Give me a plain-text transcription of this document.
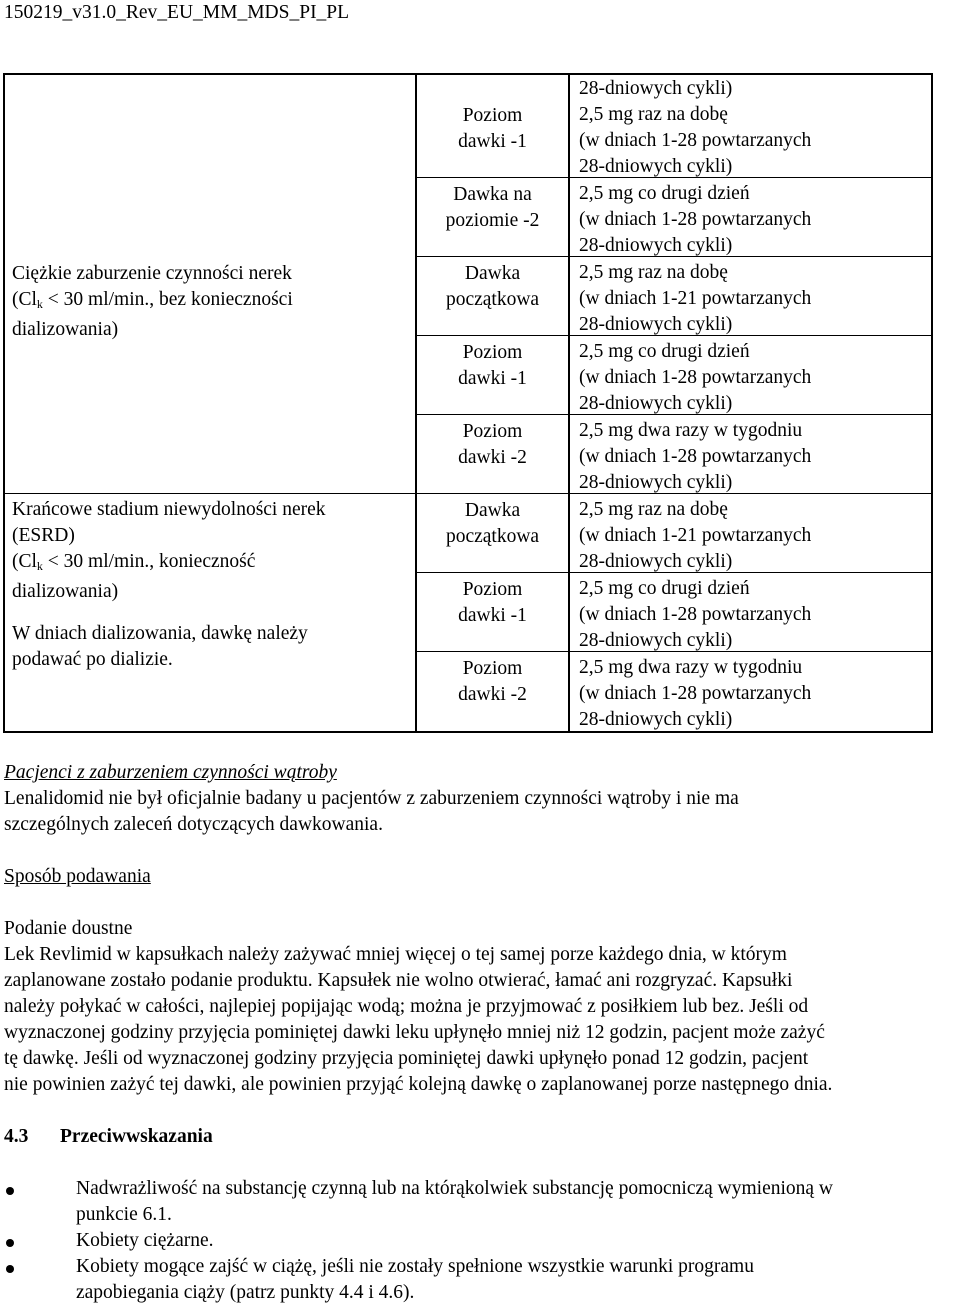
150219_v31.0_Rev_EU_MM_MDS_PI_PL

Ciężkie zaburzenie czynności nerek

($Cl_k < 30$ ml/min., bez konieczności

dializowania)

Krańcowe stadium niewydolności nerek

(ESRD)

($Cl_k < 30$ ml/min., konieczność

dializowania)

W dniach dializowania, dawkę należy

podawać po dializie.

Poziom
dawki -1
Dawka na
poziomie -2
Dawka
początkowa
Poziom
dawki -1
Poziom
dawki -2
Dawka
początkowa
Poziom
dawki -1
Poziom
dawki -2
28-dniowych cykli)
2,5 mg raz na dobę
(w dniach 1-28 powtarzanych
28-dniowych cykli)
2,5 mg co drugi dzień
(w dniach 1-28 powtarzanych
28-dniowych cykli)
2,5 mg raz na dobę
(w dniach 1-21 powtarzanych
28-dniowych cykli)
2,5 mg co drugi dzień
(w dniach 1-28 powtarzanych
28-dniowych cykli)
2,5 mg dwa razy w tygodniu
(w dniach 1-28 powtarzanych
28-dniowych cykli)
2,5 mg raz na dobę
(w dniach 1-21 powtarzanych
28-dniowych cykli)
2,5 mg co drugi dzień
(w dniach 1-28 powtarzanych
28-dniowych cykli)
2,5 mg dwa razy w tygodniu
(w dniach 1-28 powtarzanych
28-dniowych cykli)

Pacjenci z zaburzeniem czynności wątroby

Lenalidomid nie był oficjalnie badany u pacjentów z zaburzeniem czynności wątroby i nie ma

szczególnych zaleceń dotyczących dawkowania.

Sposób podawania

Podanie doustne

Lek Revlimid w kapsułkach należy zażywać mniej więcej o tej samej porze każdego dnia, w którym

zaplanowane zostało podanie produktu. Kapsułek nie wolno otwierać, łamać ani rozgryzać. Kapsułki

należy połykać w całości, najlepiej popijając wodą; można je przyjmować z posiłkiem lub bez. Jeśli od

wyznaczonej godziny przyjęcia pominiętej dawki leku upłynęło mniej niż 12 godzin, pacjent może zażyć

tę dawkę. Jeśli od wyznaczonej godziny przyjęcia pominiętej dawki upłynęło ponad 12 godzin, pacjent

nie powinien zażyć tej dawki, ale powinien przyjąć kolejną dawkę o zaplanowanej porze następnego dnia.

4.3 Przeciwwskazania
Nadwrażliwość na substancję czynną lub na którąkolwiek substancję pomocniczą wymienioną w
punkcie 6.1.
Kobiety ciężarne.
Kobiety mogące zajść w ciążę, jeśli nie zostały spełnione wszystkie warunki programu
zapobiegania ciąży (patrz punkty 4.4 i 4.6).
